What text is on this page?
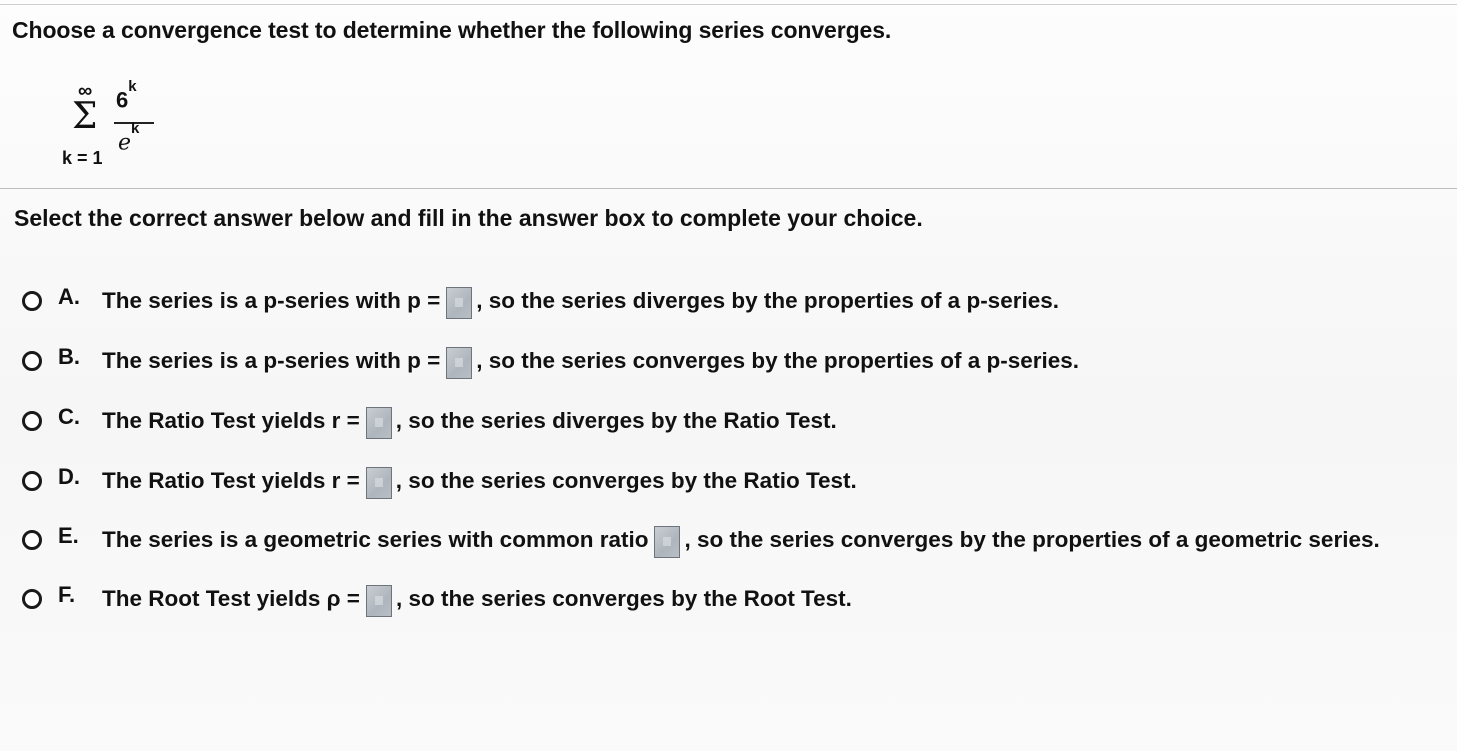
Choose a convergence test to determine whether the following series converges.
∞
Σ
k = 1
6$^k$
$e^k$
Select the correct answer below and fill in the answer box to complete your choice.
A. The series is a p-series with p = , so the series diverges by the properties of a p-series.
B. The series is a p-series with p = , so the series converges by the properties of a p-series.
C. The Ratio Test yields r = , so the series diverges by the Ratio Test.
D. The Ratio Test yields r = , so the series converges by the Ratio Test.
E.	The series is a geometric series with common ratio , so the series converges by the properties of a geometric series.
F.	The Root Test yields ρ = , so the series converges by the Root Test.
